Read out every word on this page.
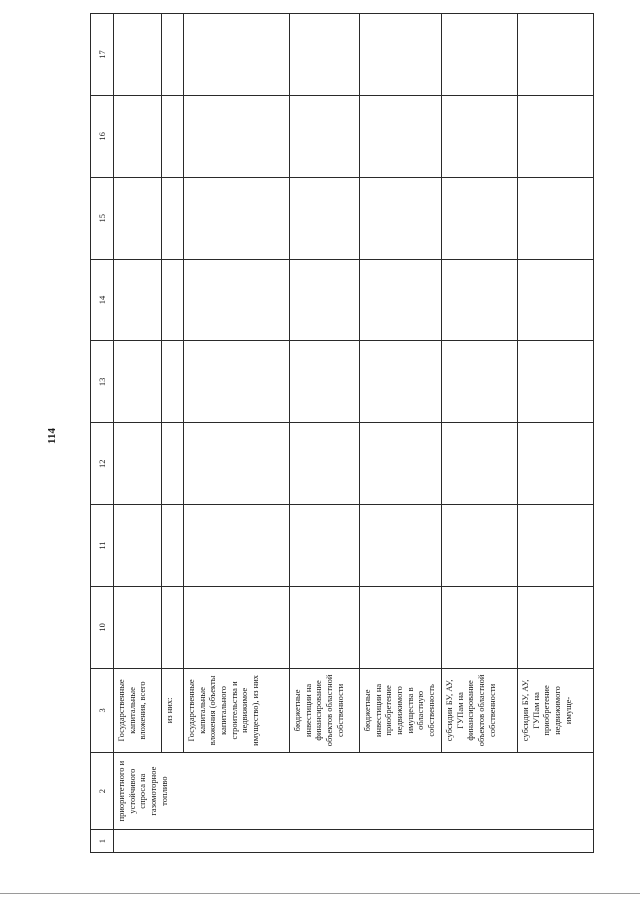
114
1	2	3	10	11	12	13	14	15	16	17
	приоритетного и устойчивого спроса на газомоторное топливо	Государственные капитальные вложения, всего								
		из них:								
		Государственные капитальные вложения (объекты капитального строительства и недвижимое имущество), из них								
		бюджетные инвестиции на финансирование объектов областной собственности								
		бюджетные инвестиции на приобретение недвижимого имущества в областную собственность								
		субсидии БУ, АУ, ГУПам на финансирование объектов областной собственности								
		субсидии БУ, АУ, ГУПам на приобретение недвижимого имуще-								
